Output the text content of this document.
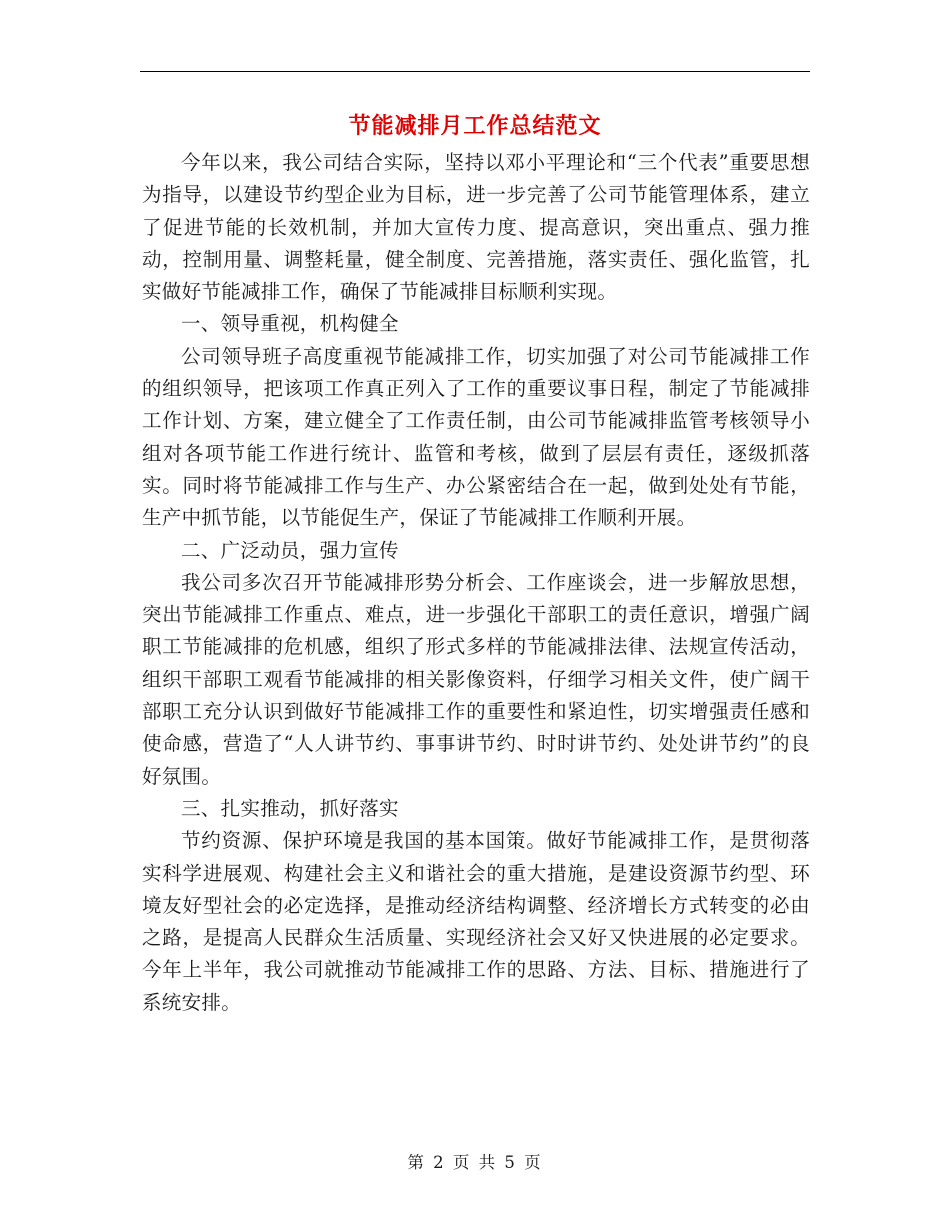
节能减排月工作总结范文

今年以来，我公司结合实际，坚持以邓小平理论和“三个代表”重要思想为指导，以建设节约型企业为目标，进一步完善了公司节能管理体系，建立了促进节能的长效机制，并加大宣传力度、提高意识，突出重点、强力推动，控制用量、调整耗量，健全制度、完善措施，落实责任、强化监管，扎实做好节能减排工作，确保了节能减排目标顺利实现。

一、领导重视，机构健全

公司领导班子高度重视节能减排工作，切实加强了对公司节能减排工作的组织领导，把该项工作真正列入了工作的重要议事日程，制定了节能减排工作计划、方案，建立健全了工作责任制，由公司节能减排监管考核领导小组对各项节能工作进行统计、监管和考核，做到了层层有责任，逐级抓落实。同时将节能减排工作与生产、办公紧密结合在一起，做到处处有节能，生产中抓节能，以节能促生产，保证了节能减排工作顺利开展。

二、广泛动员，强力宣传

我公司多次召开节能减排形势分析会、工作座谈会，进一步解放思想，突出节能减排工作重点、难点，进一步强化干部职工的责任意识，增强广阔职工节能减排的危机感，组织了形式多样的节能减排法律、法规宣传活动，组织干部职工观看节能减排的相关影像资料，仔细学习相关文件，使广阔干部职工充分认识到做好节能减排工作的重要性和紧迫性，切实增强责任感和使命感，营造了“人人讲节约、事事讲节约、时时讲节约、处处讲节约”的良好氛围。

三、扎实推动，抓好落实

节约资源、保护环境是我国的基本国策。做好节能减排工作，是贯彻落实科学进展观、构建社会主义和谐社会的重大措施，是建设资源节约型、环境友好型社会的必定选择，是推动经济结构调整、经济增长方式转变的必由之路，是提高人民群众生活质量、实现经济社会又好又快进展的必定要求。今年上半年，我公司就推动节能减排工作的思路、方法、目标、措施进行了系统安排。

第 2 页 共 5 页
